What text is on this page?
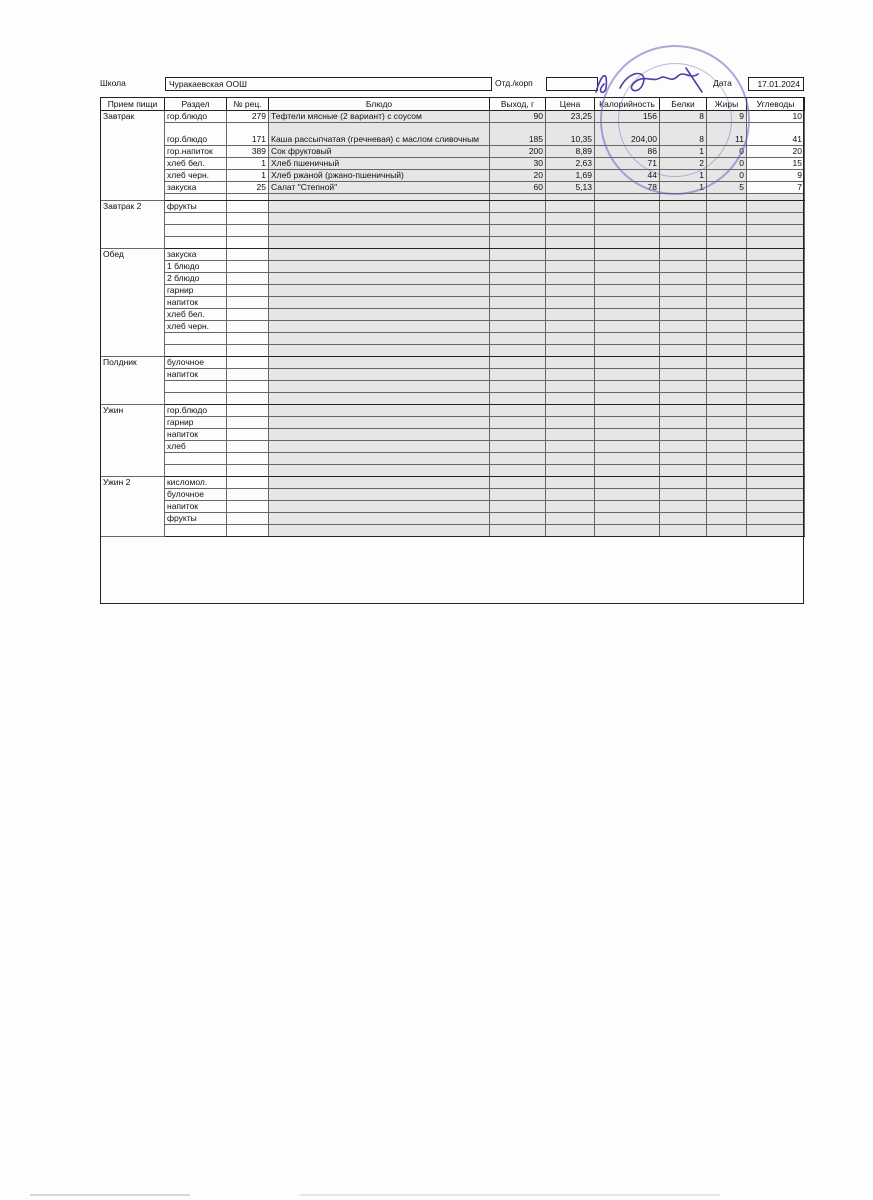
Школа	Чуракаевская ООШ	Отд./корп	Дата	17.01.2024
Прием пищи	Раздел	№ рец.	Блюдо	Выход, г	Цена	Калорийность	Белки	Жиры	Углеводы
Завтрак	гор.блюдо	279	Тефтели мясные (2 вариант) с соусом	90	23,25	156	8	9	10
	гор.блюдо	171	Каша рассыпчатая (гречневая) с маслом сливочным	185	10,35	204,00	8	11	41
	гор.напиток	389	Сок фруктовый	200	8,89	86	1	0	20
	хлеб бел.	1	Хлеб пшеничный	30	2,63	71	2	0	15
	хлеб черн.	1	Хлеб ржаной (ржано-пшеничный)	20	1,69	44	1	0	9
	закуска	25	Салат "Степной"	60	5,13	78	1	5	7

Завтрак 2	фрукты								

Обед	закуска								
	1 блюдо								
	2 блюдо								
	гарнир								
	напиток								
	хлеб бел.								
	хлеб черн.								

Полдник	булочное								
	напиток								

Ужин	гор.блюдо								
	гарнир								
	напиток								
	хлеб								

Ужин 2	кисломол.								
	булочное								
	напиток								
	фрукты								
